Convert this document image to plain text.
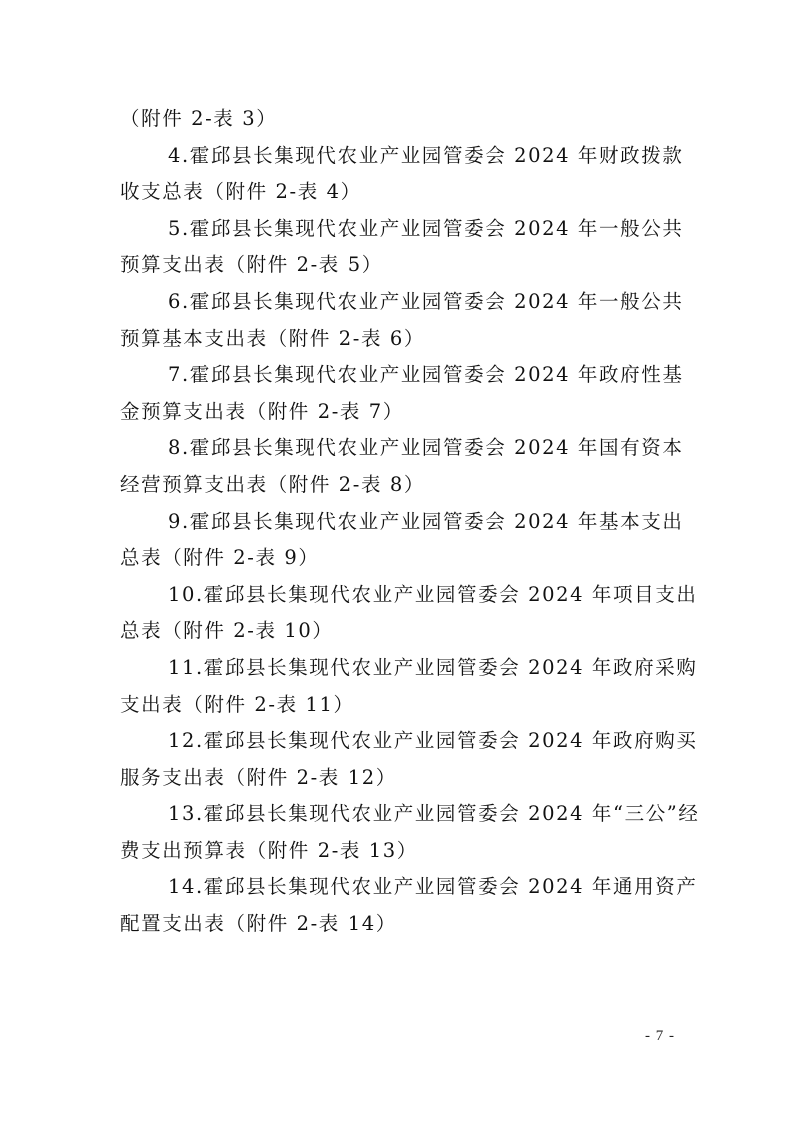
（附件 2-表 3）
4.霍邱县长集现代农业产业园管委会 2024 年财政拨款
收支总表（附件 2-表 4）
5.霍邱县长集现代农业产业园管委会 2024 年一般公共
预算支出表（附件 2-表 5）
6.霍邱县长集现代农业产业园管委会 2024 年一般公共
预算基本支出表（附件 2-表 6）
7.霍邱县长集现代农业产业园管委会 2024 年政府性基
金预算支出表（附件 2-表 7）
8.霍邱县长集现代农业产业园管委会 2024 年国有资本
经营预算支出表（附件 2-表 8）
9.霍邱县长集现代农业产业园管委会 2024 年基本支出
总表（附件 2-表 9）
10.霍邱县长集现代农业产业园管委会 2024 年项目支出
总表（附件 2-表 10）
11.霍邱县长集现代农业产业园管委会 2024 年政府采购
支出表（附件 2-表 11）
12.霍邱县长集现代农业产业园管委会 2024 年政府购买
服务支出表（附件 2-表 12）
13.霍邱县长集现代农业产业园管委会 2024 年“三公”经
费支出预算表（附件 2-表 13）
14.霍邱县长集现代农业产业园管委会 2024 年通用资产
配置支出表（附件 2-表 14）
- 7 -
